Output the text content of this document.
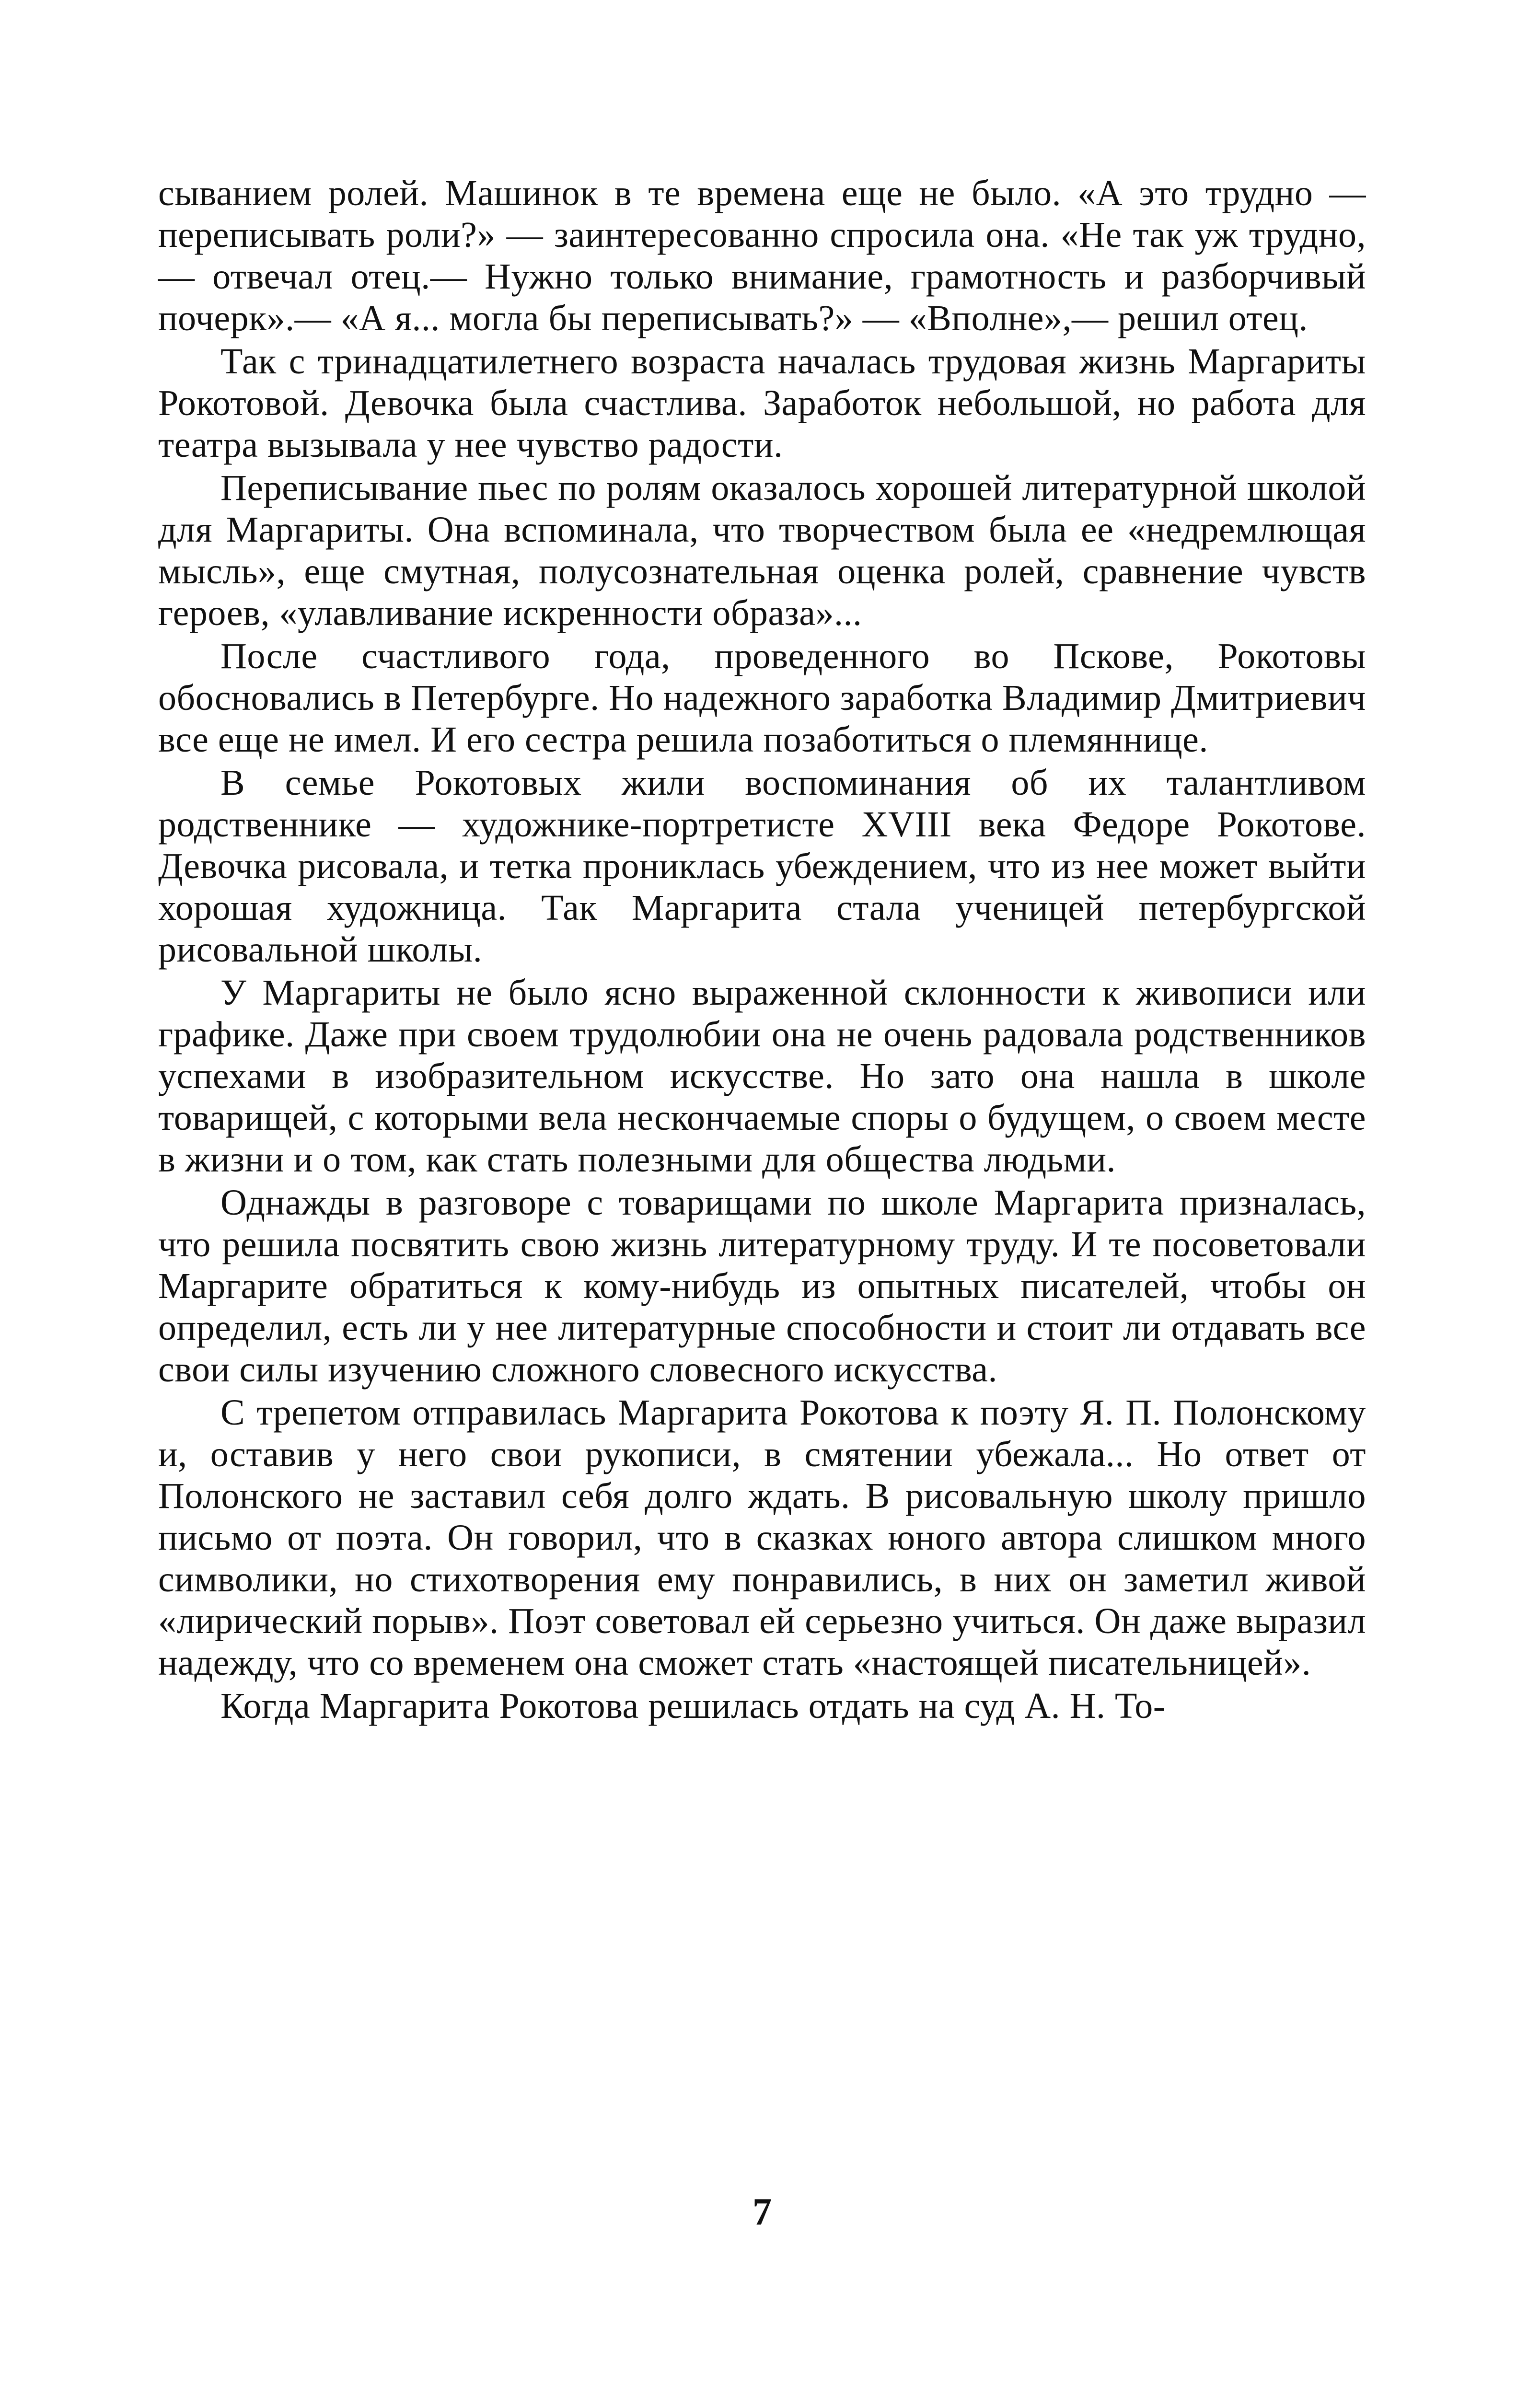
сыванием ролей. Машинок в те времена еще не было. «А это трудно — переписывать роли?» — заинтересованно спросила она. «Не так уж трудно,— отвечал отец.— Нужно только внимание, грамотность и разборчивый почерк».— «А я... могла бы переписывать?» — «Вполне»,— решил отец.

Так с тринадцатилетнего возраста началась трудовая жизнь Маргариты Рокотовой. Девочка была счастлива. Заработок небольшой, но работа для театра вызывала у нее чувство радости.

Переписывание пьес по ролям оказалось хорошей литературной школой для Маргариты. Она вспоминала, что творчеством была ее «недремлющая мысль», еще смутная, полусознательная оценка ролей, сравнение чувств героев, «улавливание искренности образа»...

После счастливого года, проведенного во Пскове, Рокотовы обосновались в Петербурге. Но надежного заработка Владимир Дмитриевич все еще не имел. И его сестра решила позаботиться о племяннице.

В семье Рокотовых жили воспоминания об их талантливом родственнике — художнике-портретисте XVIII века Федоре Рокотове. Девочка рисовала, и тетка прониклась убеждением, что из нее может выйти хорошая художница. Так Маргарита стала ученицей петербургской рисовальной школы.

У Маргариты не было ясно выраженной склонности к живописи или графике. Даже при своем трудолюбии она не очень радовала родственников успехами в изобразительном искусстве. Но зато она нашла в школе товарищей, с которыми вела нескончаемые споры о будущем, о своем месте в жизни и о том, как стать полезными для общества людьми.

Однажды в разговоре с товарищами по школе Маргарита призналась, что решила посвятить свою жизнь литературному труду. И те посоветовали Маргарите обратиться к кому-нибудь из опытных писателей, чтобы он определил, есть ли у нее литературные способности и стоит ли отдавать все свои силы изучению сложного словесного искусства.

С трепетом отправилась Маргарита Рокотова к поэту Я. П. Полонскому и, оставив у него свои рукописи, в смятении убежала... Но ответ от Полонского не заставил себя долго ждать. В рисовальную школу пришло письмо от поэта. Он говорил, что в сказках юного автора слишком много символики, но стихотворения ему понравились, в них он заметил живой «лирический порыв». Поэт советовал ей серьезно учиться. Он даже выразил надежду, что со временем она сможет стать «настоящей писательницей».

Когда Маргарита Рокотова решилась отдать на суд А. Н. То-

7
